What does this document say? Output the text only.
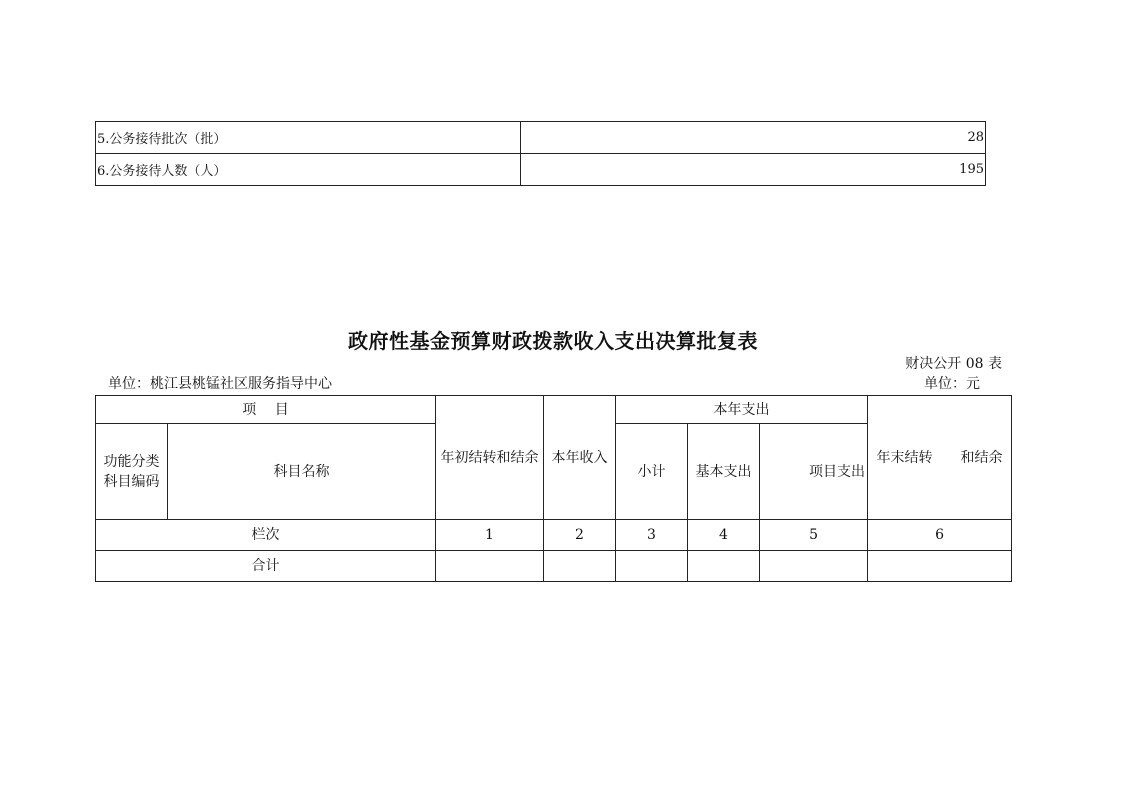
5.公务接待批次（批）	28
6.公务接待人数（人）	195
政府性基金预算财政拨款收入支出决算批复表
财决公开 08 表
单位：桃江县桃锰社区服务指导中心	单位：元
项　 目		年初结转和结余	本年收入	本年支出			年末结转　　和结余
功能分类科目编码	科目名称			小计	基本支出	项目支出	
栏次		1	2	3	4	5	6
合计							
